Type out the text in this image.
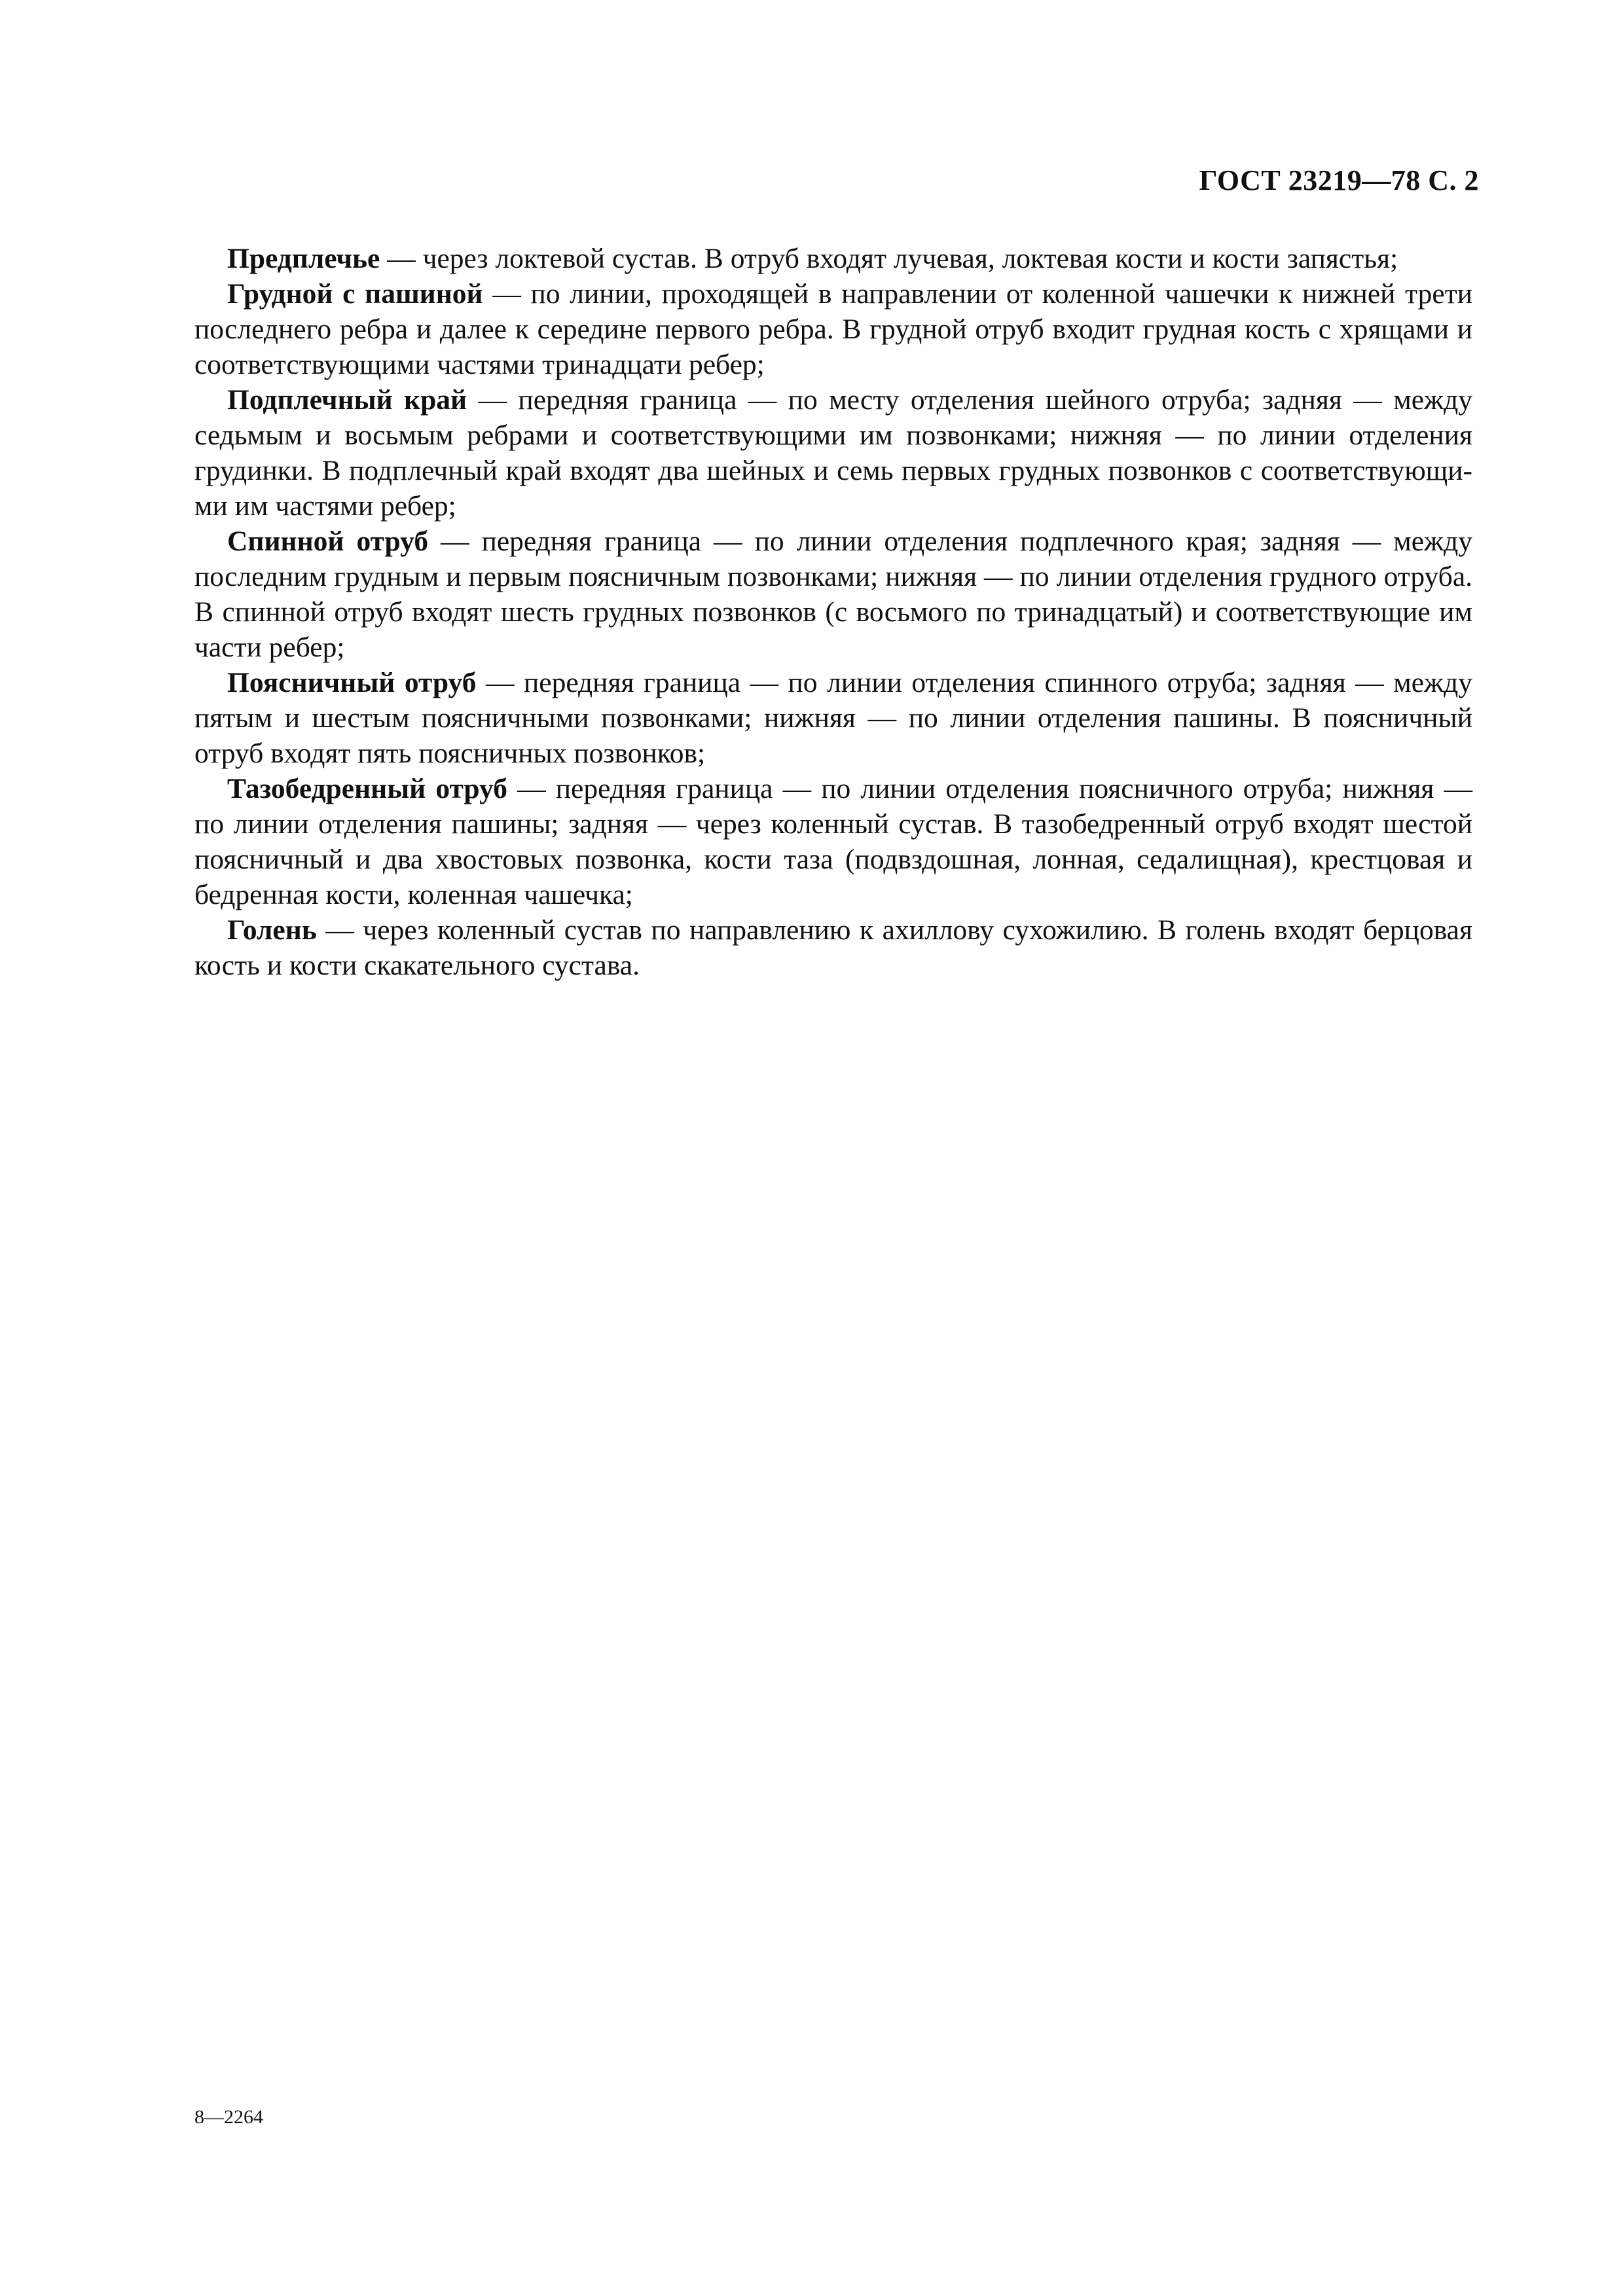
ГОСТ 23219—78 С. 2

Предплечье — через локтевой сустав. В отруб входят лучевая, локтевая кости и кости запястья;

Грудной с пашиной — по линии, проходящей в направлении от коленной чашечки к нижней трети последнего ребра и далее к середине первого ребра. В грудной отруб входит грудная кость с хрящами и соответствующими частями тринадцати ребер;

Подплечный край — передняя граница — по месту отделения шейного отруба; задняя — между седьмым и восьмым ребрами и соответствующими им позвонками; нижняя — по линии отделения грудинки. В подплечный край входят два шейных и семь первых грудных позвонков с соответствующими им частями ребер;

Спинной отруб — передняя граница — по линии отделения подплечного края; задняя — между последним грудным и первым поясничным позвонками; нижняя — по линии отделения грудного отруба. В спинной отруб входят шесть грудных позвонков (с восьмого по тринадцатый) и соответствующие им части ребер;

Поясничный отруб — передняя граница — по линии отделения спинного отруба; задняя — между пятым и шестым поясничными позвонками; нижняя — по линии отделения пашины. В поясничный отруб входят пять поясничных позвонков;

Тазобедренный отруб — передняя граница — по линии отделения поясничного отруба; нижняя — по линии отделения пашины; задняя — через коленный сустав. В тазобедренный отруб входят шестой поясничный и два хвостовых позвонка, кости таза (подвздошная, лонная, седалищная), крестцовая и бедренная кости, коленная чашечка;

Голень — через коленный сустав по направлению к ахиллову сухожилию. В голень входят берцовая кость и кости скакательного сустава.

8—2264
